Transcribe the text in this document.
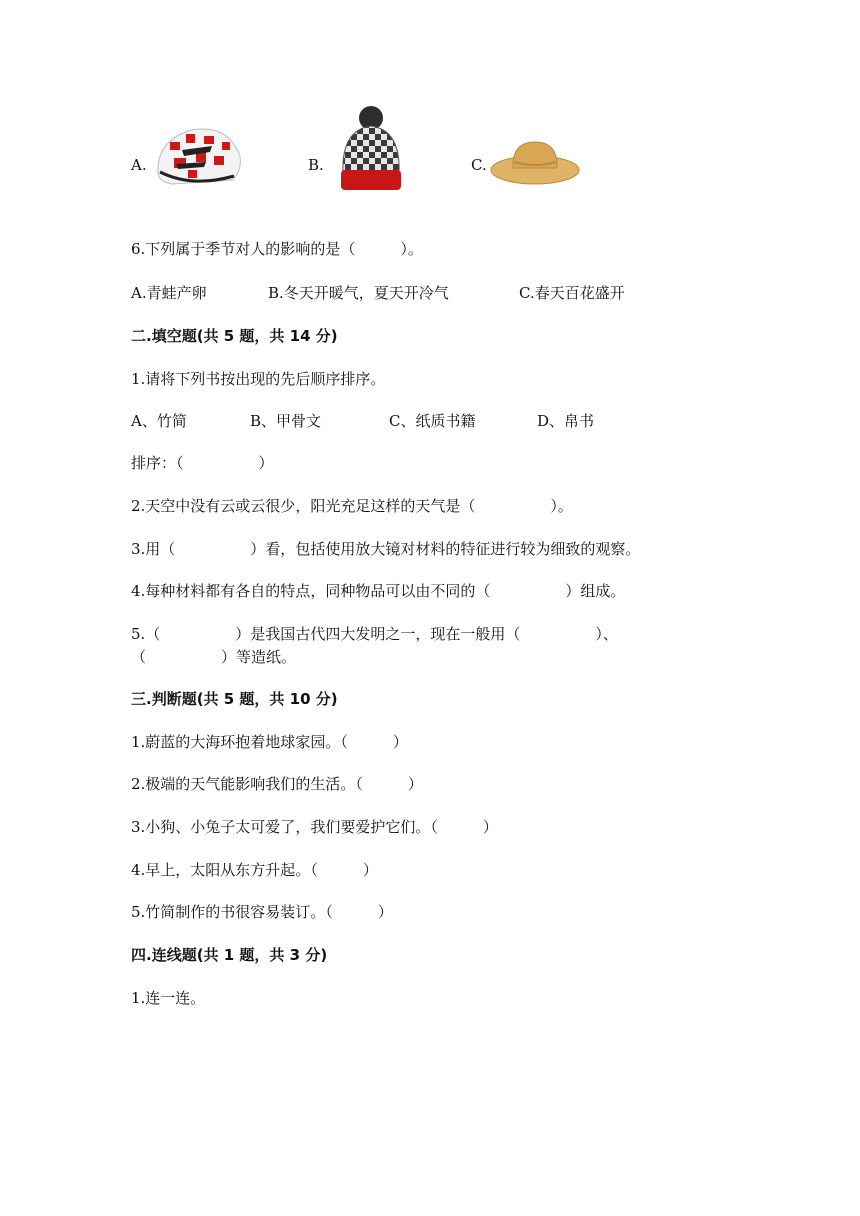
A.	B.	C.
6.下列属于季节对人的影响的是（　　　）。
A.青蛙产卵	B.冬天开暖气，夏天开冷气	C.春天百花盛开
二.填空题(共 5 题，共 14 分)
1.请将下列书按出现的先后顺序排序。
A、竹简	B、甲骨文	C、纸质书籍	D、帛书
排序：（　　　　　）
2.天空中没有云或云很少，阳光充足这样的天气是（　　　　　）。
3.用（　　　　　）看，包括使用放大镜对材料的特征进行较为细致的观察。
4.每种材料都有各自的特点，同种物品可以由不同的（　　　　　）组成。
5.（　　　　　）是我国古代四大发明之一，现在一般用（　　　　　）、
（　　　　　）等造纸。
三.判断题(共 5 题，共 10 分)
1.蔚蓝的大海环抱着地球家园。（　　　）
2.极端的天气能影响我们的生活。（　　　）
3.小狗、小兔子太可爱了，我们要爱护它们。（　　　）
4.早上，太阳从东方升起。（　　　）
5.竹简制作的书很容易装订。（　　　）
四.连线题(共 1 题，共 3 分)
1.连一连。
